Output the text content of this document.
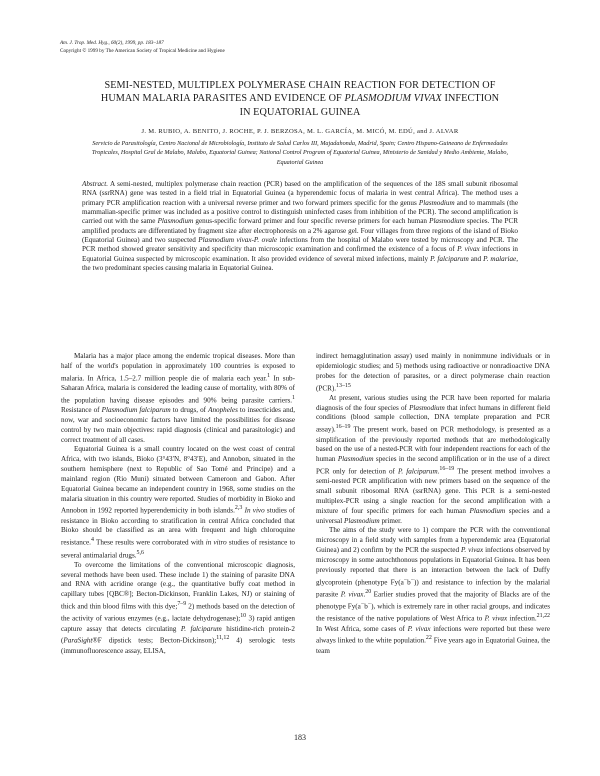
Am. J. Trop. Med. Hyg., 60(2), 1999, pp. 183–187
Copyright © 1999 by The American Society of Tropical Medicine and Hygiene
SEMI-NESTED, MULTIPLEX POLYMERASE CHAIN REACTION FOR DETECTION OF
HUMAN MALARIA PARASITES AND EVIDENCE OF PLASMODIUM VIVAX INFECTION
IN EQUATORIAL GUINEA
J. M. RUBIO, A. BENITO, J. ROCHE, P. J. BERZOSA, M. L. GARCÍA, M. MICÓ, M. EDÚ, and J. ALVAR
Servicio de Parasitología, Centro Nacional de Microbiología, Instituto de Salud Carlos III, Majadahonda, Madrid, Spain; Centro Hispano-Guineano de Enfermedades Tropicales, Hospital Gral de Malabo, Malabo, Equatorial Guinea; National Control Program of Equatorial Guinea, Ministerio de Sanidad y Medio Ambiente, Malabo, Equatorial Guinea
Abstract. A semi-nested, multiplex polymerase chain reaction (PCR) based on the amplification of the sequences of the 18S small subunit ribosomal RNA (ssrRNA) gene was tested in a field trial in Equatorial Guinea (a hyperendemic focus of malaria in west central Africa). The method uses a primary PCR amplification reaction with a universal reverse primer and two forward primers specific for the genus Plasmodium and to mammals (the mammalian-specific primer was included as a positive control to distinguish uninfected cases from inhibition of the PCR). The second amplification is carried out with the same Plasmodium genus-specific forward primer and four specific reverse primers for each human Plasmodium species. The PCR amplified products are differentiated by fragment size after electrophoresis on a 2% agarose gel. Four villages from three regions of the island of Bioko (Equatorial Guinea) and two suspected Plasmodium vivax-P. ovale infections from the hospital of Malabo were tested by microscopy and PCR. The PCR method showed greater sensitivity and specificity than microscopic examination and confirmed the existence of a focus of P. vivax infections in Equatorial Guinea suspected by microscopic examination. It also provided evidence of several mixed infections, mainly P. falciparum and P. malariae, the two predominant species causing malaria in Equatorial Guinea.

Malaria has a major place among the endemic tropical diseases. More than half of the world's population in approximately 100 countries is exposed to malaria. In Africa, 1.5–2.7 million people die of malaria each year.$^1$ In sub-Saharan Africa, malaria is considered the leading cause of mortality, with 80% of the population having disease episodes and 90% being parasite carriers.$^1$ Resistance of Plasmodium falciparum to drugs, of Anopheles to insecticides and, now, war and socioeconomic factors have limited the possibilities for disease control by two main objectives: rapid diagnosis (clinical and parasitologic) and correct treatment of all cases.

Equatorial Guinea is a small country located on the west coast of central Africa, with two islands, Bioko (3°43′N, 8°43′E), and Annobon, situated in the southern hemisphere (next to Republic of Sao Tomé and Principe) and a mainland region (Rio Muni) situated between Cameroon and Gabon. After Equatorial Guinea became an independent country in 1968, some studies on the malaria situation in this country were reported. Studies of morbidity in Bioko and Annobon in 1992 reported hyperendemicity in both islands.$^{2,3}$ In vivo studies of resistance in Bioko according to stratification in central Africa concluded that Bioko should be classified as an area with frequent and high chloroquine resistance.$^4$ These results were corroborated with in vitro studies of resistance to several antimalarial drugs.$^{5,6}$

To overcome the limitations of the conventional microscopic diagnosis, several methods have been used. These include 1) the staining of parasite DNA and RNA with acridine orange (e.g., the quantitative buffy coat method in capillary tubes [QBC®]; Becton-Dickinson, Franklin Lakes, NJ) or staining of thick and thin blood films with this dye;$^{7-9}$ 2) methods based on the detection of the activity of various enzymes (e.g., lactate dehydrogenase);$^{10}$ 3) rapid antigen capture assay that detects circulating P. falciparum histidine-rich protein-2 (ParaSight®F dipstick tests; Becton-Dickinson);$^{11,12}$ 4) serologic tests (immunofluorescence assay, ELISA,

indirect hemagglutination assay) used mainly in nonimmune individuals or in epidemiologic studies; and 5) methods using radioactive or nonradioactive DNA probes for the detection of parasites, or a direct polymerase chain reaction (PCR).$^{13-15}$

At present, various studies using the PCR have been reported for malaria diagnosis of the four species of Plasmodium that infect humans in different field conditions (blood sample collection, DNA template preparation and PCR assay).$^{16-19}$ The present work, based on PCR methodology, is presented as a simplification of the previously reported methods that are methodologically based on the use of a nested-PCR with four independent reactions for each of the human Plasmodium species in the second amplification or in the use of a direct PCR only for detection of P. falciparum.$^{16-19}$ The present method involves a semi-nested PCR amplification with new primers based on the sequence of the small subunit ribosomal RNA (ssrRNA) gene. This PCR is a semi-nested multiplex-PCR using a single reaction for the second amplification with a mixture of four specific primers for each human Plasmodium species and a universal Plasmodium primer.

The aims of the study were to 1) compare the PCR with the conventional microscopy in a field study with samples from a hyperendemic area (Equatorial Guinea) and 2) confirm by the PCR the suspected P. vivax infections observed by microscopy in some autochthonous populations in Equatorial Guinea. It has been previously reported that there is an interaction between the lack of Duffy glycoprotein (phenotype Fy(a−b−)) and resistance to infection by the malarial parasite P. vivax.$^{20}$ Earlier studies proved that the majority of Blacks are of the phenotype Fy(a−b−), which is extremely rare in other racial groups, and indicates the resistance of the native populations of West Africa to P. vivax infection.$^{21,22}$ In West Africa, some cases of P. vivax infections were reported but these were always linked to the white population.$^{22}$ Five years ago in Equatorial Guinea, the team

183
